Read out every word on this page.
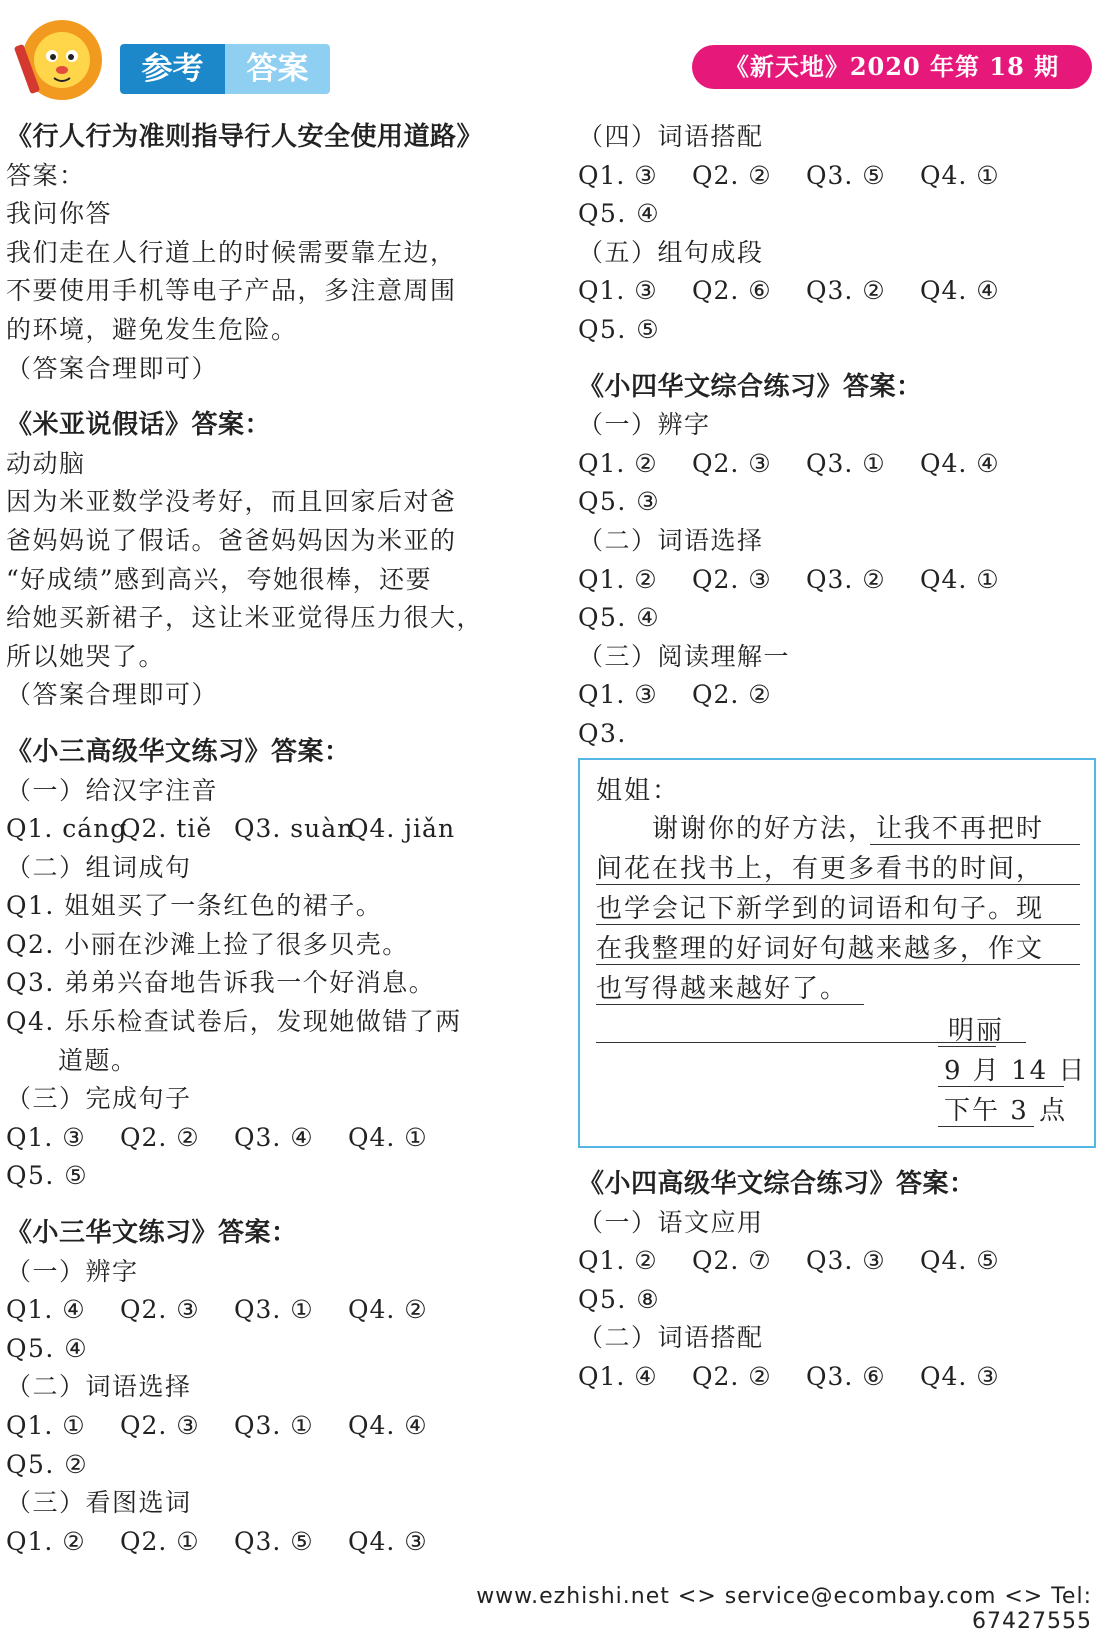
参考	答案	《新天地》2020 年第 18 期
《行人行为准则指导行人安全使用道路》
答案：
我问你答
我们走在人行道上的时候需要靠左边，
不要使用手机等电子产品，多注意周围
的环境，避免发生危险。
（答案合理即可）
《米亚说假话》答案：
动动脑
因为米亚数学没考好，而且回家后对爸
爸妈妈说了假话。爸爸妈妈因为米亚的
“好成绩”感到高兴，夸她很棒，还要
给她买新裙子，这让米亚觉得压力很大，
所以她哭了。
（答案合理即可）
《小三高级华文练习》答案：
（一）给汉字注音
Q1. cáng
Q2. tiě Q3. suàn
Q4. jiǎn
（二）组词成句
Q1. 姐姐买了一条红色的裙子。
Q2. 小丽在沙滩上捡了很多贝壳。
Q3. 弟弟兴奋地告诉我一个好消息。
Q4. 乐乐检查试卷后，发现她做错了两
道题。
（三）完成句子
Q1. ③	Q2. ②	Q3. ④	Q4. ①
Q5. ⑤
《小三华文练习》答案：
（一）辨字
Q1. ④	Q2. ③	Q3. ①	Q4. ②
Q5. ④
（二）词语选择
Q1. ①	Q2. ③	Q3. ①	Q4. ④
Q5. ②
（三）看图选词
Q1. ②	Q2. ①	Q3. ⑤	Q4. ③
（四）词语搭配
Q1. ③	Q2. ②	Q3. ⑤	Q4. ①
Q5. ④
（五）组句成段
Q1. ③	Q2. ⑥	Q3. ②	Q4. ④
Q5. ⑤
《小四华文综合练习》答案：
（一）辨字
Q1. ②	Q2. ③	Q3. ①	Q4. ④
Q5. ③
（二）词语选择
Q1. ②	Q2. ③	Q3. ②	Q4. ①
Q5. ④
（三）阅读理解一
Q1. ③	Q2. ②
Q3.
姐姐：
谢谢你的好方法，让我不再把时
间花在找书上，有更多看书的时间，
也学会记下新学到的词语和句子。现
在我整理的好词好句越来越多，作文
也写得越来越好了。
明丽
9 月 14 日
下午 3 点
《小四高级华文综合练习》答案：
（一）语文应用
Q1. ②	Q2. ⑦	Q3. ③	Q4. ⑤
Q5. ⑧
（二）词语搭配
Q1. ④	Q2. ②	Q3. ⑥	Q4. ③
www.ezhishi.net <> service@ecombay.com <> Tel: 67427555
